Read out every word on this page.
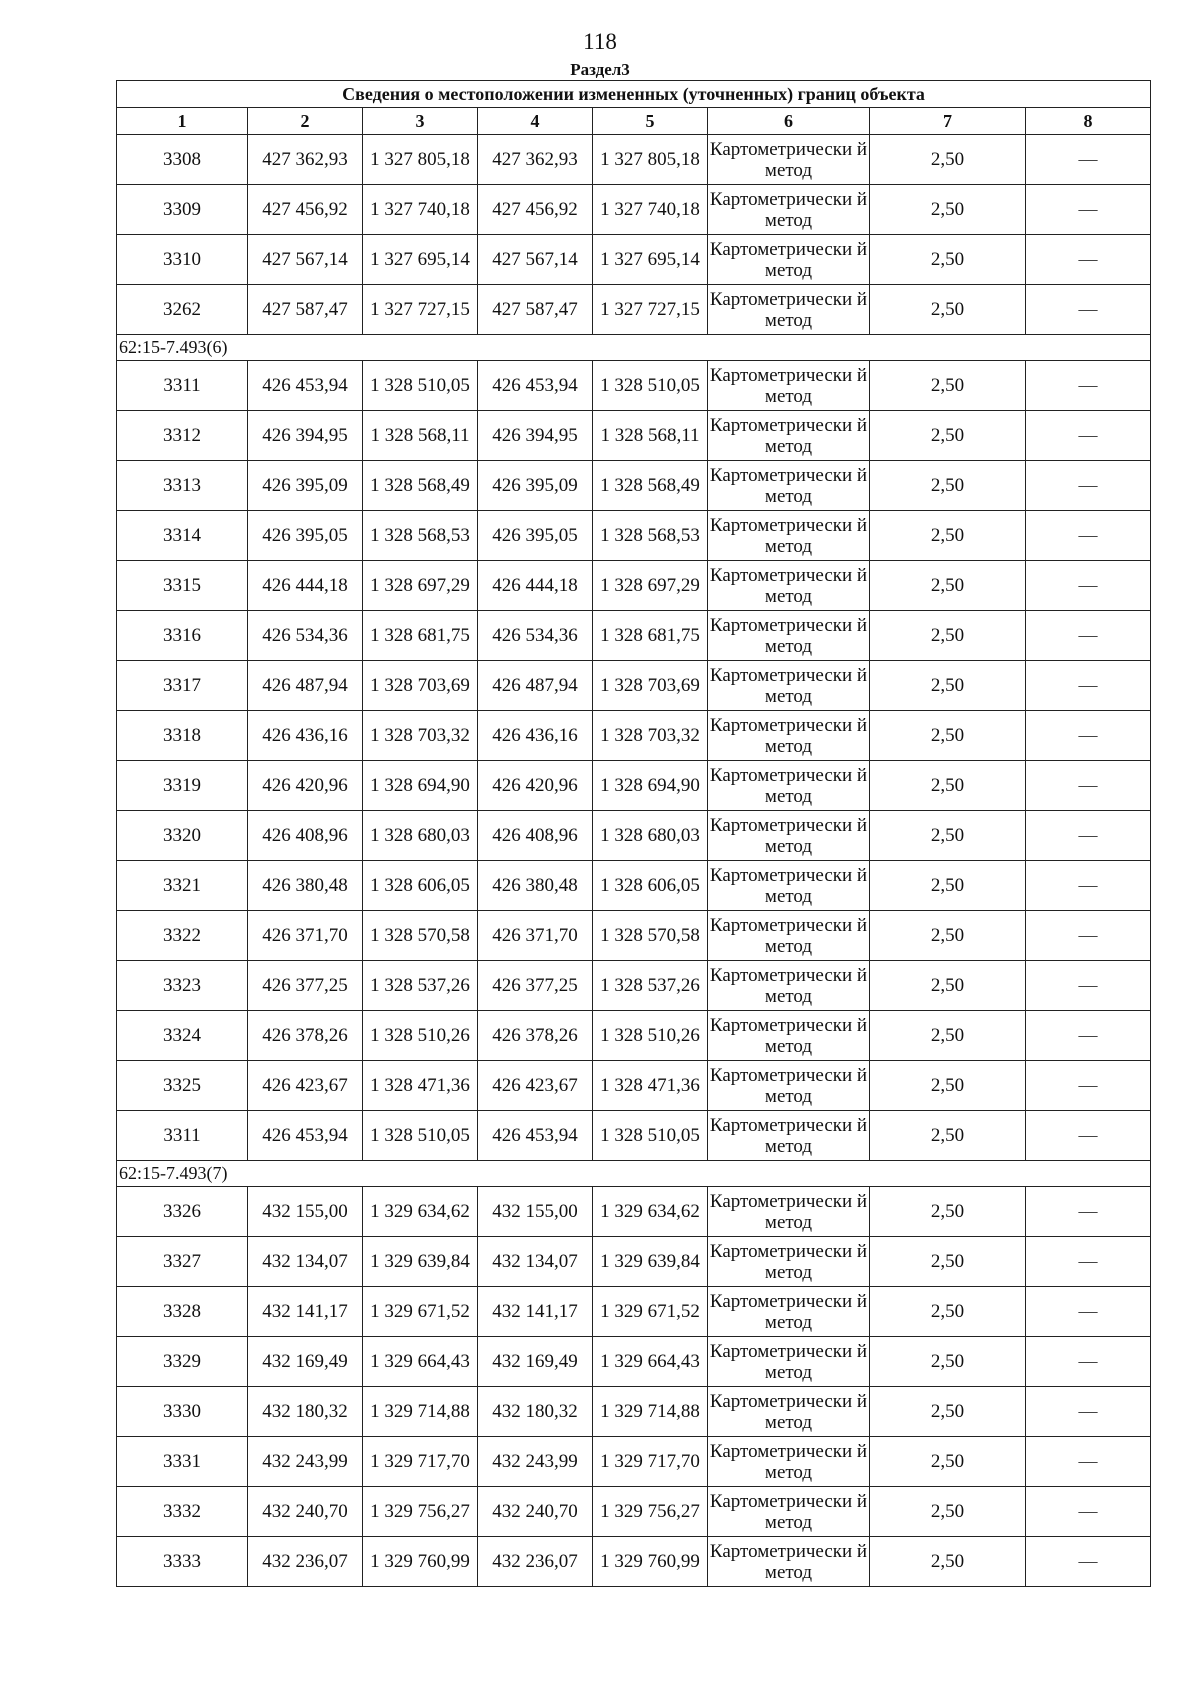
118
Раздел3
Сведения о местоположении измененных (уточненных) границ объекта							
1	2	3	4	5	6	7	8
3308	427 362,93	1 327 805,18	427 362,93	1 327 805,18	Картометрически й метод	2,50	—
3309	427 456,92	1 327 740,18	427 456,92	1 327 740,18	Картометрически й метод	2,50	—
3310	427 567,14	1 327 695,14	427 567,14	1 327 695,14	Картометрически й метод	2,50	—
3262	427 587,47	1 327 727,15	427 587,47	1 327 727,15	Картометрически й метод	2,50	—
62:15-7.493(6)							
3311	426 453,94	1 328 510,05	426 453,94	1 328 510,05	Картометрически й метод	2,50	—
3312	426 394,95	1 328 568,11	426 394,95	1 328 568,11	Картометрически й метод	2,50	—
3313	426 395,09	1 328 568,49	426 395,09	1 328 568,49	Картометрически й метод	2,50	—
3314	426 395,05	1 328 568,53	426 395,05	1 328 568,53	Картометрически й метод	2,50	—
3315	426 444,18	1 328 697,29	426 444,18	1 328 697,29	Картометрически й метод	2,50	—
3316	426 534,36	1 328 681,75	426 534,36	1 328 681,75	Картометрически й метод	2,50	—
3317	426 487,94	1 328 703,69	426 487,94	1 328 703,69	Картометрически й метод	2,50	—
3318	426 436,16	1 328 703,32	426 436,16	1 328 703,32	Картометрически й метод	2,50	—
3319	426 420,96	1 328 694,90	426 420,96	1 328 694,90	Картометрически й метод	2,50	—
3320	426 408,96	1 328 680,03	426 408,96	1 328 680,03	Картометрически й метод	2,50	—
3321	426 380,48	1 328 606,05	426 380,48	1 328 606,05	Картометрически й метод	2,50	—
3322	426 371,70	1 328 570,58	426 371,70	1 328 570,58	Картометрически й метод	2,50	—
3323	426 377,25	1 328 537,26	426 377,25	1 328 537,26	Картометрически й метод	2,50	—
3324	426 378,26	1 328 510,26	426 378,26	1 328 510,26	Картометрически й метод	2,50	—
3325	426 423,67	1 328 471,36	426 423,67	1 328 471,36	Картометрически й метод	2,50	—
3311	426 453,94	1 328 510,05	426 453,94	1 328 510,05	Картометрически й метод	2,50	—
62:15-7.493(7)							
3326	432 155,00	1 329 634,62	432 155,00	1 329 634,62	Картометрически й метод	2,50	—
3327	432 134,07	1 329 639,84	432 134,07	1 329 639,84	Картометрически й метод	2,50	—
3328	432 141,17	1 329 671,52	432 141,17	1 329 671,52	Картометрически й метод	2,50	—
3329	432 169,49	1 329 664,43	432 169,49	1 329 664,43	Картометрически й метод	2,50	—
3330	432 180,32	1 329 714,88	432 180,32	1 329 714,88	Картометрически й метод	2,50	—
3331	432 243,99	1 329 717,70	432 243,99	1 329 717,70	Картометрически й метод	2,50	—
3332	432 240,70	1 329 756,27	432 240,70	1 329 756,27	Картометрически й метод	2,50	—
3333	432 236,07	1 329 760,99	432 236,07	1 329 760,99	Картометрически й метод	2,50	—
